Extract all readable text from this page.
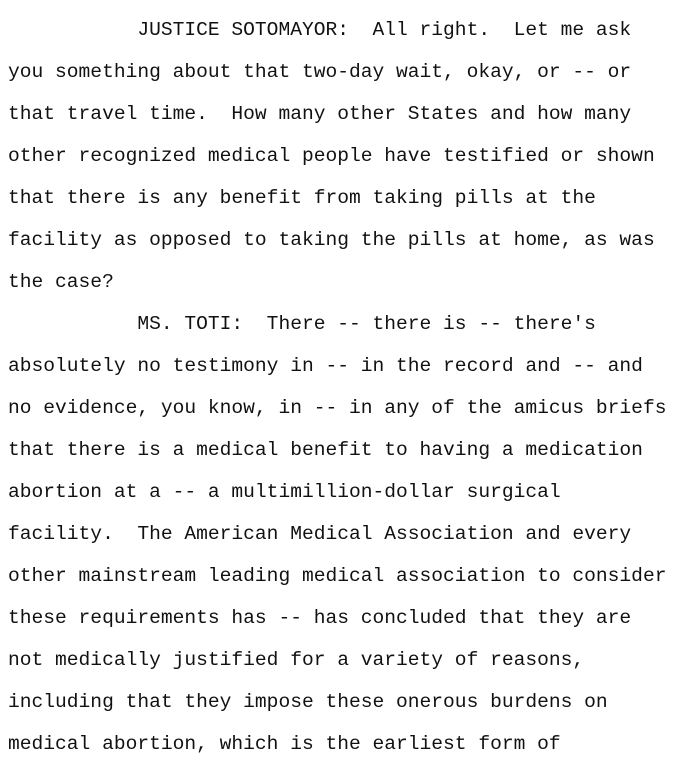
JUSTICE SOTOMAYOR:  All right.  Let me ask
you something about that two-day wait, okay, or -- or
that travel time.  How many other States and how many
other recognized medical people have testified or shown
that there is any benefit from taking pills at the
facility as opposed to taking the pills at home, as was
the case?
MS. TOTI:  There -- there is -- there's
absolutely no testimony in -- in the record and -- and
no evidence, you know, in -- in any of the amicus briefs
that there is a medical benefit to having a medication
abortion at a -- a multimillion-dollar surgical
facility.  The American Medical Association and every
other mainstream leading medical association to consider
these requirements has -- has concluded that they are
not medically justified for a variety of reasons,
including that they impose these onerous burdens on
medical abortion, which is the earliest form of
